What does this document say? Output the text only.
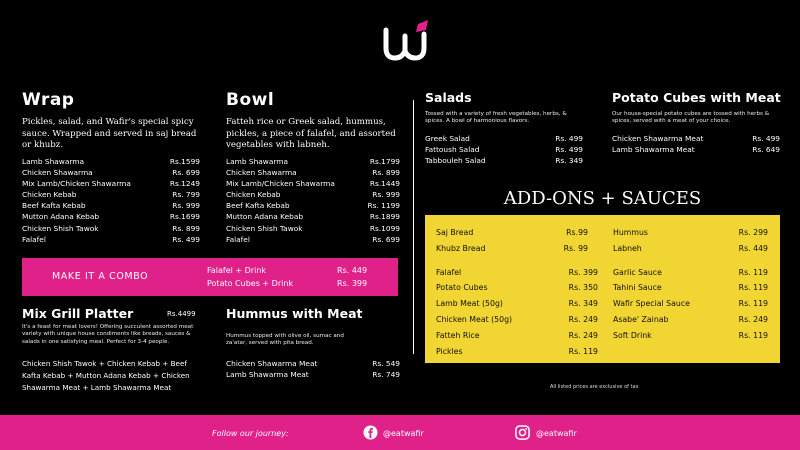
Wrap
Pickles, salad, and Wafir's special spicy sauce. Wrapped and served in saj bread or khubz.
Lamb Shawarma	Rs.1599
Chicken Shawarma	Rs. 699
Mix Lamb/Chicken Shawarma	Rs.1249
Chicken Kebab	Rs. 799
Beef Kafta Kebab	Rs. 999
Mutton Adana Kebab	Rs.1699
Chicken Shish Tawok	Rs. 899
Falafel	Rs. 499
Bowl
Fatteh rice or Greek salad, hummus, pickles, a piece of falafel, and assorted vegetables with labneh.
Lamb Shawarma	Rs.1799
Chicken Shawarma	Rs. 899
Mix Lamb/Chicken Shawarma	Rs.1449
Chicken Kebab	Rs. 999
Beef Kafta Kebab	Rs. 1199
Mutton Adana Kebab	Rs.1899
Chicken Shish Tawok	Rs.1099
Falafel	Rs. 699
MAKE IT A COMBO
Falafel + Drink	Rs. 449
Potato Cubes + Drink	Rs. 399
Mix Grill Platter	Rs.4499
It's a feast for meat lovers! Offering succulent assorted meat variety with unique house condiments like breads, sauces & salads in one satisfying meal. Perfect for 3-4 people.
Chicken Shish Tawok + Chicken Kebab + Beef Kafta Kebab + Mutton Adana Kebab + Chicken Shawarma Meat + Lamb Shawarma Meat
Hummus with Meat
Hummus topped with olive oil, sumac and za'atar, served with pita bread.
Chicken Shawarma Meat	Rs. 549
Lamb Shawarma Meat	Rs. 749
Salads
Tossed with a variety of fresh vegetables, herbs, & spices. A bowl of harmonious flavors.
Greek Salad	Rs. 499
Fattoush Salad	Rs. 499
Tabbouleh Salad	Rs. 349
Potato Cubes with Meat
Our house-special potato cubes are tossed with herbs & spices, served with a meat of your choice.
Chicken Shawarma Meat	Rs. 499
Lamb Shawarma Meat	Rs. 649
ADD-ONS + SAUCES
Saj Bread	Rs.99
Khubz Bread	Rs. 99
Falafel	Rs. 399
Potato Cubes	Rs. 350
Lamb Meat (50g)	Rs. 349
Chicken Meat (50g)	Rs. 249
Fatteh Rice	Rs. 249
Pickles	Rs. 119
Hummus	Rs. 299
Labneh	Rs. 449
Garlic Sauce	Rs. 119
Tahini Sauce	Rs. 119
Wafir Special Sauce	Rs. 119
Asabe' Zainab	Rs. 249
Soft Drink	Rs. 119
All listed prices are exclusive of tax
Follow our journey:	@eatwafir	@eatwafir
